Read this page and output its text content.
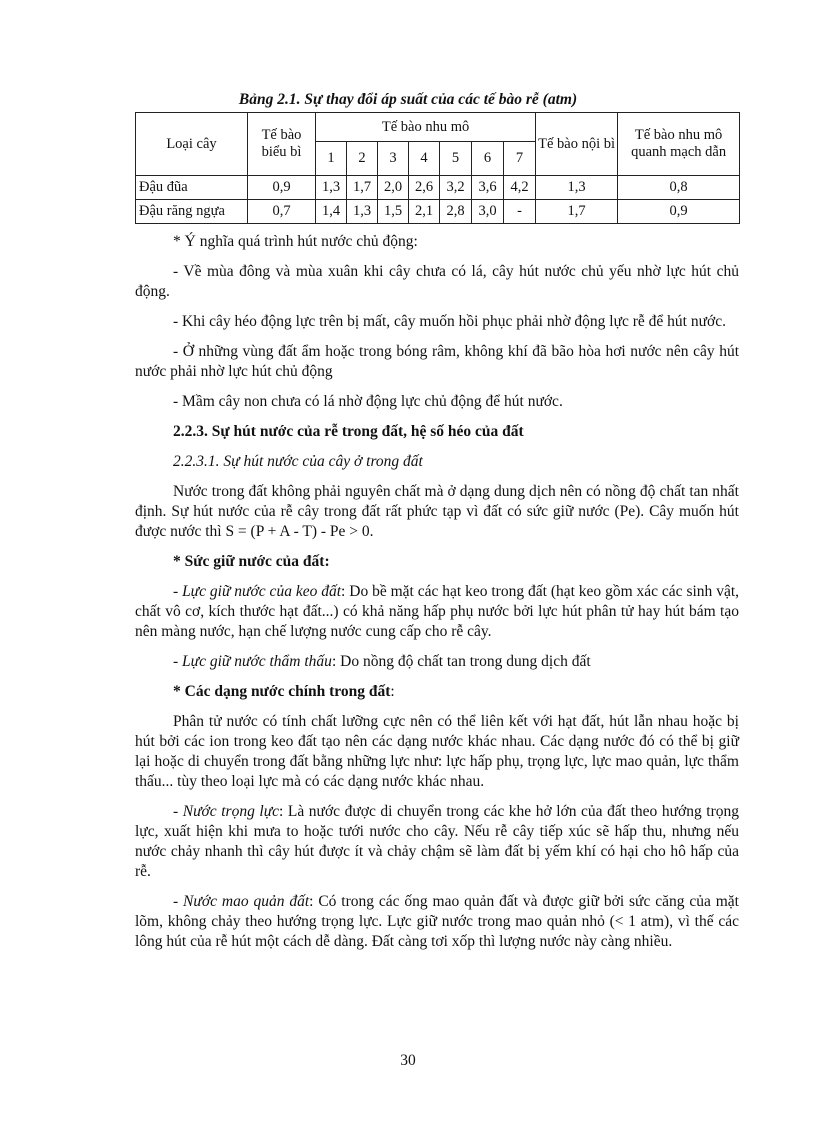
Bảng 2.1. Sự thay đổi áp suất của các tế bào rễ (atm)
Loại cây	Tế bào biểu bì	Tế bào nhu mô							Tế bào nội bì	Tế bào nhu mô quanh mạch dẫn
		1	2	3	4	5	6	7		
Đậu đũa	0,9	1,3	1,7	2,0	2,6	3,2	3,6	4,2	1,3	0,8
Đậu răng ngựa	0,7	1,4	1,3	1,5	2,1	2,8	3,0	-	1,7	0,9

* Ý nghĩa quá trình hút nước chủ động:

- Về mùa đông và mùa xuân khi cây chưa có lá, cây hút nước chủ yếu nhờ lực hút chủ động.

- Khi cây héo động lực trên bị mất, cây muốn hồi phục phải nhờ động lực rễ để hút nước.

- Ở những vùng đất ẩm hoặc trong bóng râm, không khí đã bão hòa hơi nước nên cây hút nước phải nhờ lực hút chủ động

- Mầm cây non chưa có lá nhờ động lực chủ động để hút nước.

2.2.3. Sự hút nước của rễ trong đất, hệ số héo của đất

2.2.3.1. Sự hút nước của cây ở trong đất

Nước trong đất không phải nguyên chất mà ở dạng dung dịch nên có nồng độ chất tan nhất định. Sự hút nước của rễ cây trong đất rất phức tạp vì đất có sức giữ nước (Pe). Cây muốn hút được nước thì S = (P + A - T) - Pe > 0.

* Sức giữ nước của đất:

- Lực giữ nước của keo đất: Do bề mặt các hạt keo trong đất (hạt keo gồm xác các sinh vật, chất vô cơ, kích thước hạt đất...) có khả năng hấp phụ nước bởi lực hút phân tử hay hút bám tạo nên màng nước, hạn chế lượng nước cung cấp cho rễ cây.

- Lực giữ nước thẩm thấu: Do nồng độ chất tan trong dung dịch đất

* Các dạng nước chính trong đất:

Phân tử nước có tính chất lưỡng cực nên có thể liên kết với hạt đất, hút lẫn nhau hoặc bị hút bởi các ion trong keo đất tạo nên các dạng nước khác nhau. Các dạng nước đó có thể bị giữ lại hoặc di chuyển trong đất bằng những lực như: lực hấp phụ, trọng lực, lực mao quản, lực thẩm thấu... tùy theo loại lực mà có các dạng nước khác nhau.

- Nước trọng lực: Là nước được di chuyển trong các khe hở lớn của đất theo hướng trọng lực, xuất hiện khi mưa to hoặc tưới nước cho cây. Nếu rễ cây tiếp xúc sẽ hấp thu, nhưng nếu nước chảy nhanh thì cây hút được ít và chảy chậm sẽ làm đất bị yếm khí có hại cho hô hấp của rễ.

- Nước mao quản đất: Có trong các ống mao quản đất và được giữ bởi sức căng của mặt lõm, không chảy theo hướng trọng lực. Lực giữ nước trong mao quản nhỏ (< 1 atm), vì thế các lông hút của rễ hút một cách dễ dàng. Đất càng tơi xốp thì lượng nước này càng nhiều.

30
